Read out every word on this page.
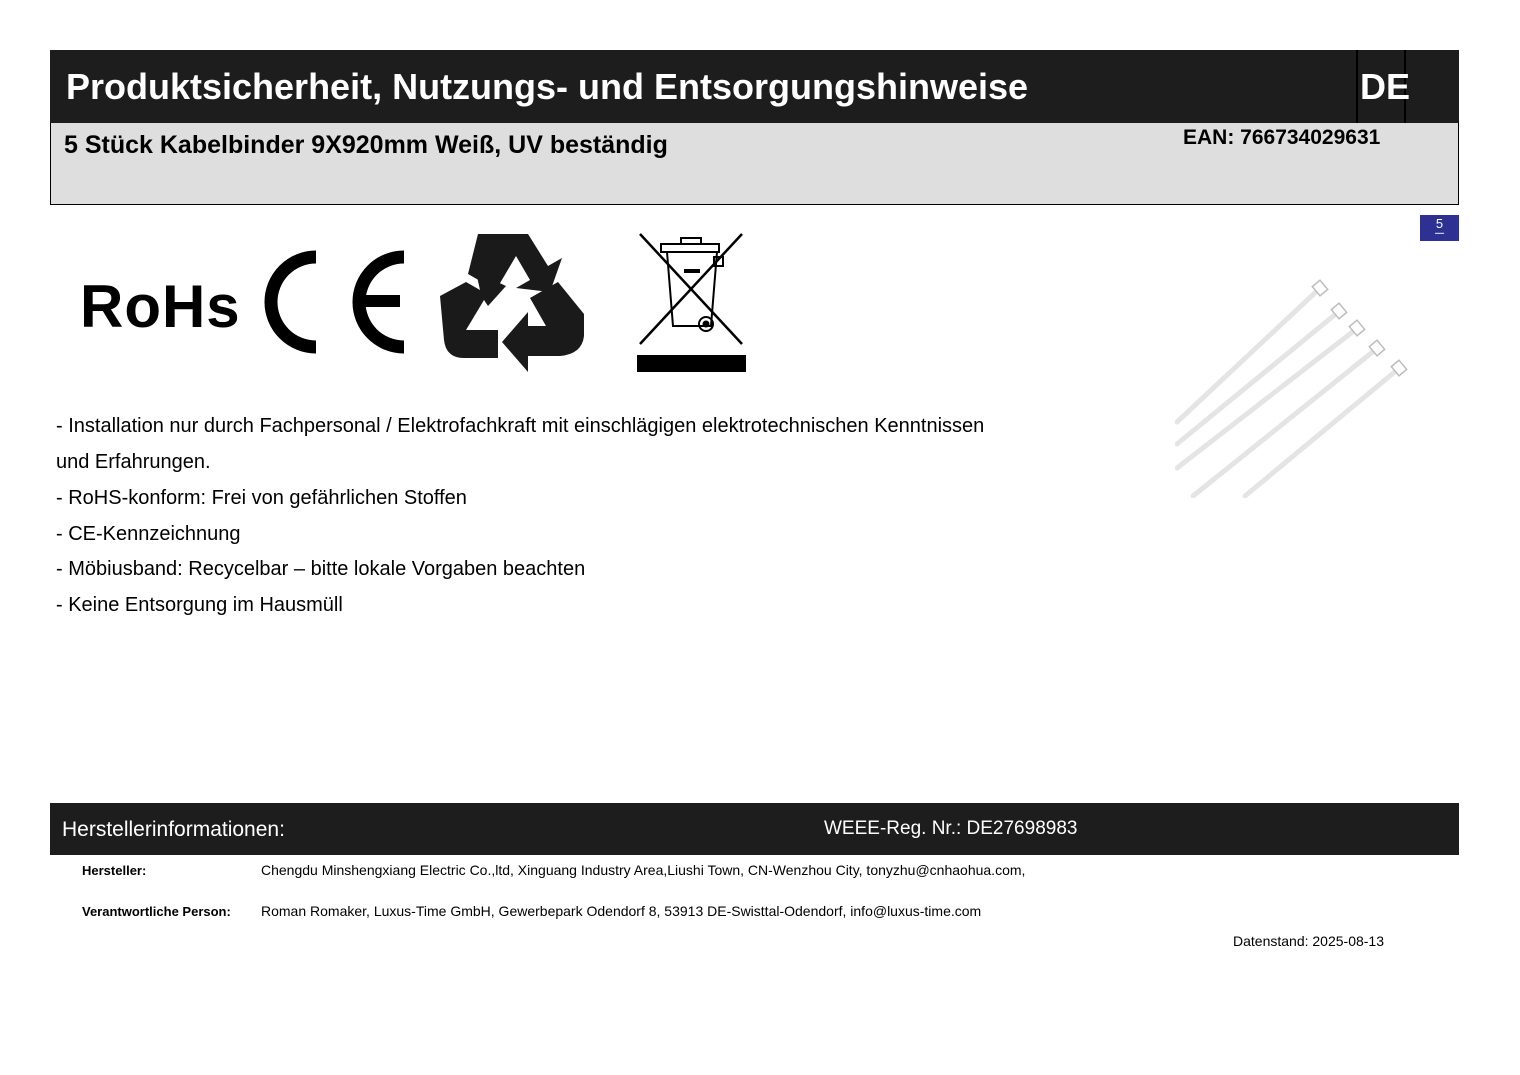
Produktsicherheit, Nutzungs- und Entsorgungshinweise	DE
5 Stück Kabelbinder 9X920mm Weiß, UV beständig	EAN: 766734029631
5
━━━
RoHs
- Installation nur durch Fachpersonal / Elektrofachkraft mit einschlägigen elektrotechnischen Kenntnissen
und Erfahrungen.
- RoHS-konform: Frei von gefährlichen Stoffen
- CE-Kennzeichnung
- Möbiusband: Recycelbar – bitte lokale Vorgaben beachten
- Keine Entsorgung im Hausmüll
Herstellerinformationen:	WEEE-Reg. Nr.: DE27698983
Hersteller:	Chengdu Minshengxiang Electric Co.,ltd, Xinguang Industry Area,Liushi Town, CN-Wenzhou City, tonyzhu@cnhaohua.com,
Verantwortliche Person: Roman Romaker, Luxus-Time GmbH, Gewerbepark Odendorf 8, 53913 DE-Swisttal-Odendorf, info@luxus-time.com
Datenstand: 2025-08-13
